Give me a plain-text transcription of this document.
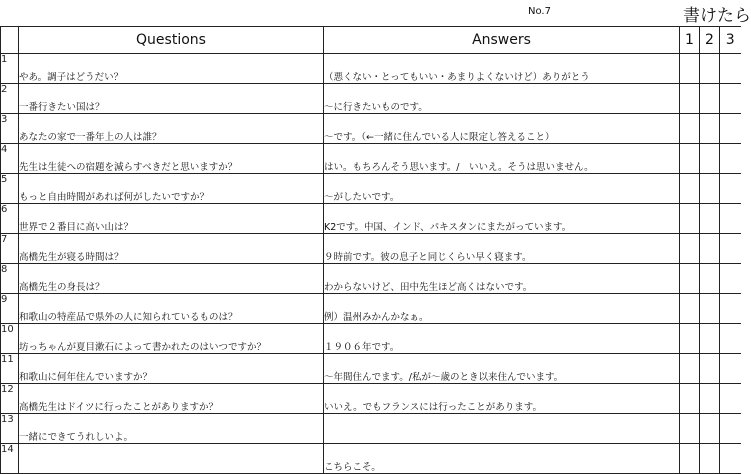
No.7	書けたら
	Questions	Answers	1	2	3
1	やあ。調子はどうだい？	（悪くない・とってもいい・あまりよくないけど）ありがとう			
2	一番行きたい国は？	～に行きたいものです。			
3	あなたの家で一番年上の人は誰？	～です。（←一緒に住んでいる人に限定し答えること）			
4	先生は生徒への宿題を減らすべきだと思いますか？	はい。もちろんそう思います。/　いいえ。そうは思いません。			
5	もっと自由時間があれば何がしたいですか？	～がしたいです。			
6	世界で２番目に高い山は？	K2です。中国、インド、パキスタンにまたがっています。			
7	高橋先生が寝る時間は？	９時前です。彼の息子と同じくらい早く寝ます。			
8	高橋先生の身長は？	わからないけど、田中先生ほど高くはないです。			
9	和歌山の特産品で県外の人に知られているものは？	例）温州みかんかなぁ。			
10	坊っちゃんが夏目漱石によって書かれたのはいつですか？	１９０６年です。			
11	和歌山に何年住んでいますか？	～年間住んでます。/私が～歳のとき以来住んでいます。			
12	高橋先生はドイツに行ったことがありますか？	いいえ。でもフランスには行ったことがあります。			
13	一緒にできてうれしいよ。				
14		こちらこそ。			
